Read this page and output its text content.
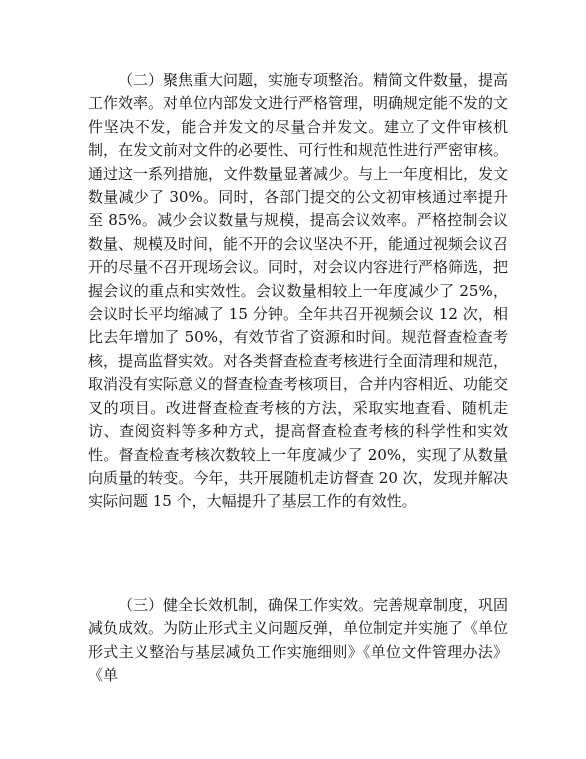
（二）聚焦重大问题，实施专项整治。精简文件数量，提高工作效率。对单位内部发文进行严格管理，明确规定能不发的文件坚决不发，能合并发文的尽量合并发文。建立了文件审核机制，在发文前对文件的必要性、可行性和规范性进行严密审核。通过这一系列措施，文件数量显著减少。与上一年度相比，发文数量减少了 30%。同时，各部门提交的公文初审核通过率提升至 85%。减少会议数量与规模，提高会议效率。严格控制会议数量、规模及时间，能不开的会议坚决不开，能通过视频会议召开的尽量不召开现场会议。同时，对会议内容进行严格筛选，把握会议的重点和实效性。会议数量相较上一年度减少了 25%，会议时长平均缩减了 15 分钟。全年共召开视频会议 12 次，相比去年增加了 50%，有效节省了资源和时间。规范督查检查考核，提高监督实效。对各类督查检查考核进行全面清理和规范，取消没有实际意义的督查检查考核项目，合并内容相近、功能交叉的项目。改进督查检查考核的方法，采取实地查看、随机走访、查阅资料等多种方式，提高督查检查考核的科学性和实效性。督查检查考核次数较上一年度减少了 20%，实现了从数量向质量的转变。今年，共开展随机走访督查 20 次，发现并解决实际问题 15 个，大幅提升了基层工作的有效性。

（三）健全长效机制，确保工作实效。完善规章制度，巩固减负成效。为防止形式主义问题反弹，单位制定并实施了《单位形式主义整治与基层减负工作实施细则》《单位文件管理办法》《单
